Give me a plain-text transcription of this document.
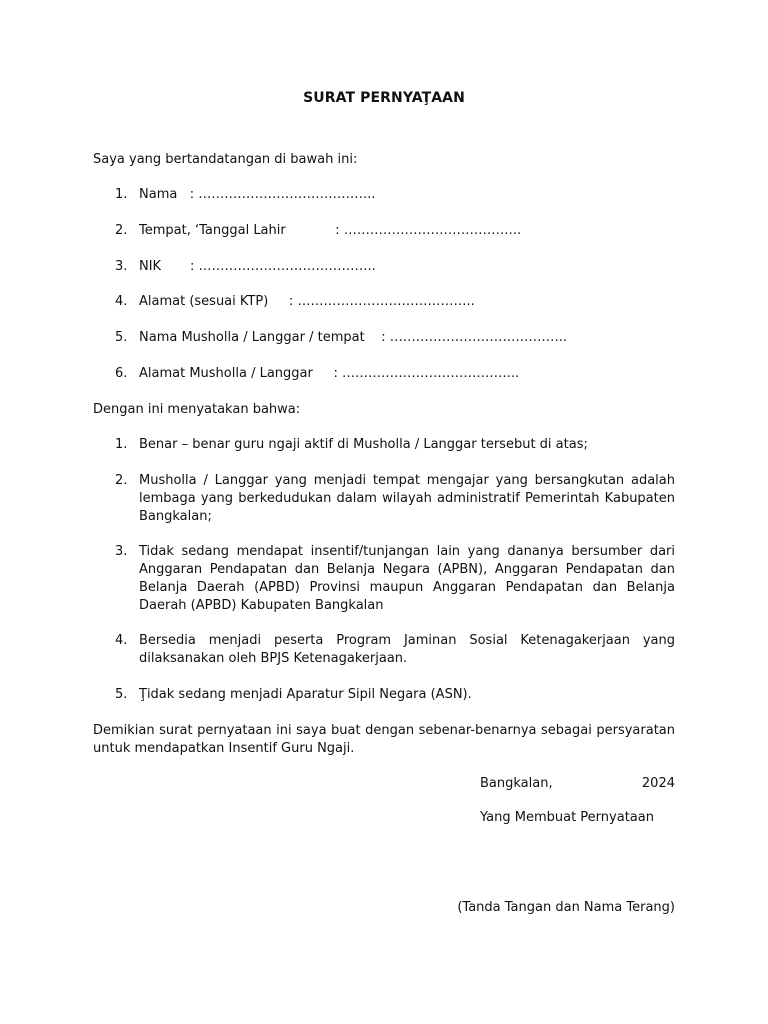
SURAT PERNYAŢAAN
Saya yang bertandatangan di bawah ini:
1. Nama   : …………………………………..
2. Tempat, ‘Tanggal Lahir            : …………………………………..
3. NIK       : …………………………………..
4. Alamat (sesuai KTP)     : …………………………………..
5. Nama Musholla / Langgar / tempat    : …………………………………..
6. Alamat Musholla / Langgar     : …………………………………..
Dengan ini menyatakan bahwa:
1. Benar – benar guru ngaji aktif di Musholla / Langgar tersebut di atas;
2. Musholla / Langgar yang menjadi tempat mengajar yang bersangkutan adalah lembaga yang berkedudukan dalam wilayah administratif Pemerintah Kabupaten Bangkalan;
3. Tidak sedang mendapat insentif/tunjangan lain yang dananya bersumber dari Anggaran Pendapatan dan Belanja Negara (APBN), Anggaran Pendapatan dan Belanja Daerah (APBD) Provinsi maupun Anggaran Pendapatan dan Belanja Daerah (APBD) Kabupaten Bangkalan
4. Bersedia menjadi peserta Program Jaminan Sosial Ketenagakerjaan yang dilaksanakan oleh BPJS Ketenagakerjaan.
5. Ţidak sedang menjadi Aparatur Sipil Negara (ASN).
Demikian surat pernyataan ini saya buat dengan sebenar-benarnya sebagai persyaratan untuk mendapatkan Insentif Guru Ngaji.
Bangkalan,	2024
Yang Membuat Pernyataan
(Tanda Tangan dan Nama Terang)
